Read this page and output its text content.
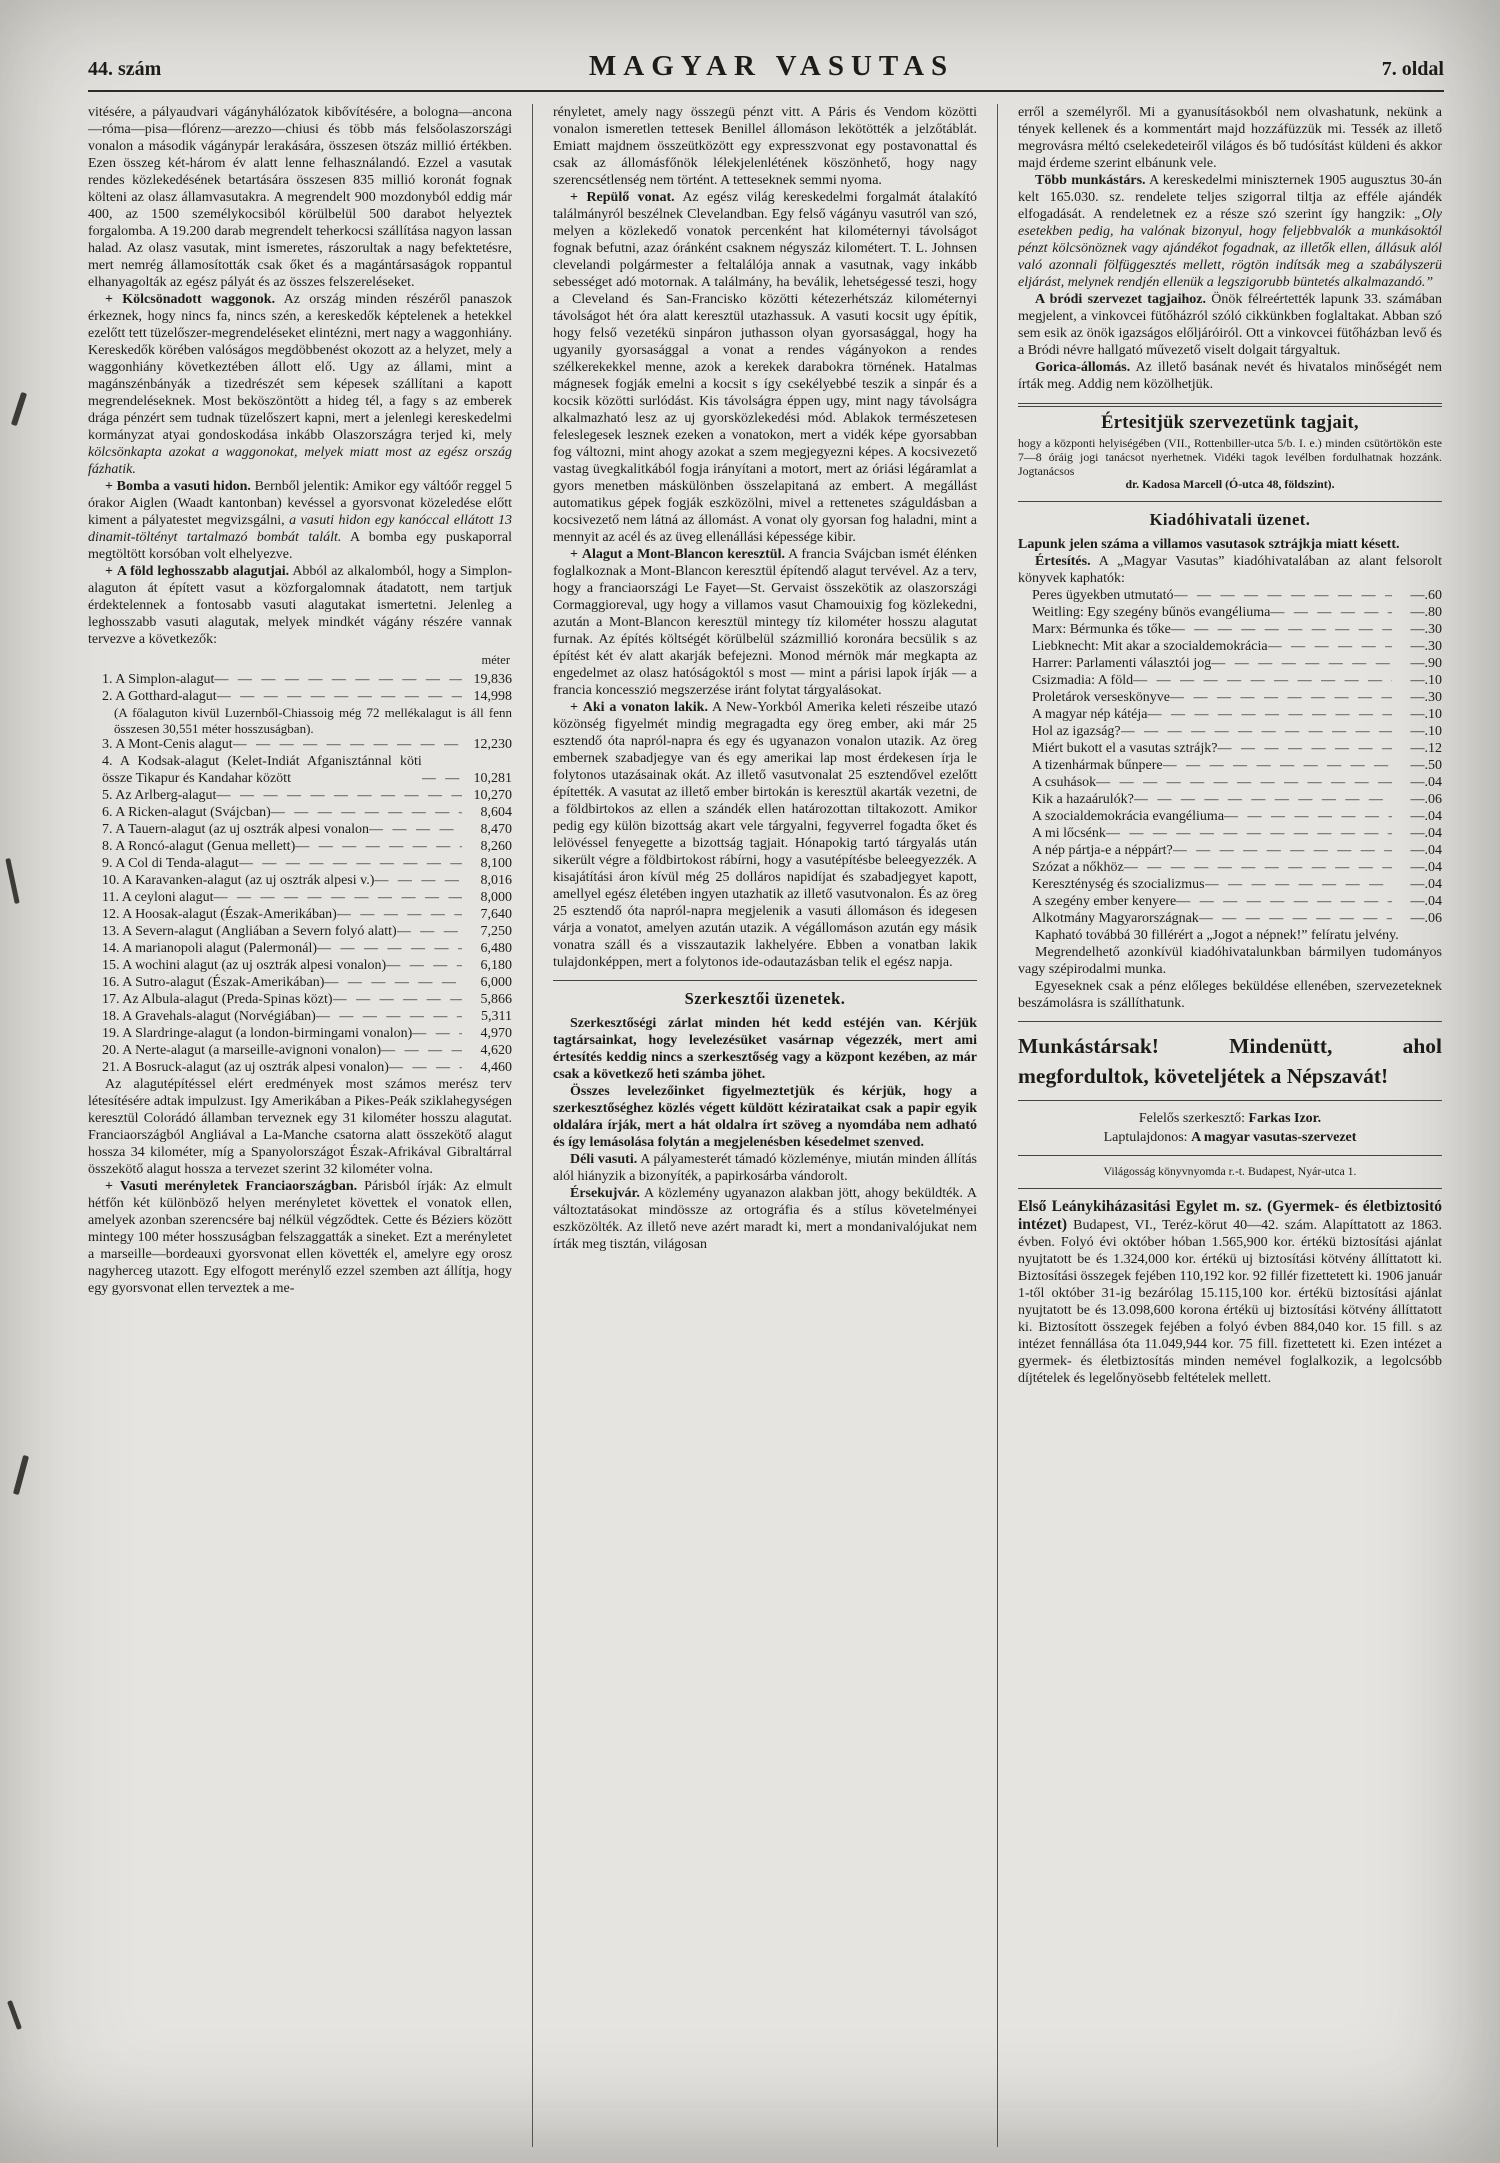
44. szám	MAGYAR VASUTAS	7. oldal

vitésére, a pályaudvari vágányhálózatok kibővítésére, a bologna—ancona—róma—pisa—flórenz—arezzo—chiusi és több más felsőolaszországi vonalon a második vágánypár lerakására, összesen ötszáz millió értékben. Ezen összeg két-három év alatt lenne felhasználandó. Ezzel a vasutak rendes közlekedésének betartására összesen 835 millió koronát fognak költeni az olasz államvasutakra. A megrendelt 900 mozdonyból eddig már 400, az 1500 személykocsiból körülbelül 500 darabot helyeztek forgalomba. A 19.200 darab megrendelt teherkocsi szállítása nagyon lassan halad. Az olasz vasutak, mint ismeretes, rászorultak a nagy befektetésre, mert nemrég államosították csak őket és a magántársaságok roppantul elhanyagolták az egész pályát és az összes felszereléseket.

+ Kölcsönadott waggonok. Az ország minden részéről panaszok érkeznek, hogy nincs fa, nincs szén, a kereskedők képtelenek a hetekkel ezelőtt tett tüzelőszer-megrendeléseket elintézni, mert nagy a waggonhiány. Kereskedők körében valóságos megdöbbenést okozott az a helyzet, mely a waggonhiány következtében állott elő. Ugy az állami, mint a magánszénbányák a tizedrészét sem képesek szállítani a kapott megrendeléseknek. Most beköszöntött a hideg tél, a fagy s az emberek drága pénzért sem tudnak tüzelőszert kapni, mert a jelenlegi kereskedelmi kormányzat atyai gondoskodása inkább Olaszországra terjed ki, mely kölcsönkapta azokat a waggonokat, melyek miatt most az egész ország fázhatik.

+ Bomba a vasuti hidon. Bernből jelentik: Amikor egy váltóőr reggel 5 órakor Aiglen (Waadt kantonban) kevéssel a gyorsvonat közeledése előtt kiment a pályatestet megvizsgálni, a vasuti hidon egy kanóccal ellátott 13 dinamit-töltényt tartalmazó bombát talált. A bomba egy puskaporral megtöltött korsóban volt elhelyezve.

+ A föld leghosszabb alagutjai. Abból az alkalomból, hogy a Simplon-alaguton át épített vasut a közforgalomnak átadatott, nem tartjuk érdektelennek a fontosabb vasuti alagutakat ismertetni. Jelenleg a leghosszabb vasuti alagutak, melyek mindkét vágány részére vannak tervezve a következők:

méter
1. A Simplon-alagut — — —	19,836
2. A Gotthard-alagut — — —	14,998

(A főalaguton kivül Luzernből-Chiassoig még 72 mellékalagut is áll fenn összesen 30,551 méter hosszuságban).

3. A Mont-Cenis alagut — — —	12,230
4. A Kodsak-alagut (Kelet-Indiát Afganisztánnal köti össze Tikapur és Kandahar között — — —	10,281
5. Az Arlberg-alagut — — —	10,270
6. A Ricken-alagut (Svájcban) — — —	8,604
7. A Tauern-alagut (az uj osztrák alpesi vonalon — — —	8,470
8. A Roncó-alagut (Genua mellett) — — —	8,260
9. A Col di Tenda-alagut — — —	8,100
10. A Karavanken-alagut (az uj osztrák alpesi v.) — — —	8,016
11. A ceyloni alagut — — —	8,000
12. A Hoosak-alagut (Észak-Amerikában) — — —	7,640
13. A Severn-alagut (Angliában a Severn folyó alatt) — — —	7,250
14. A marianopoli alagut (Palermonál) — — —	6,480
15. A wochini alagut (az uj osztrák alpesi vonalon) — — —	6,180
16. A Sutro-alagut (Észak-Amerikában) — — —	6,000
17. Az Albula-alagut (Preda-Spinas közt) — — —	5,866
18. A Gravehals-alagut (Norvégiában) — — —	5,311
19. A Slardringe-alagut (a london-birmingami vonalon) — — —	4,970
20. A Nerte-alagut (a marseille-avignoni vonalon) — — —	4,620
21. A Bosruck-alagut (az uj osztrák alpesi vonalon) — — —	4,460

Az alagutépítéssel elért eredmények most számos merész terv létesítésére adtak impulzust. Igy Amerikában a Pikes-Peák sziklahegységen keresztül Colorádó államban terveznek egy 31 kilométer hosszu alagutat. Franciaországból Angliával a La-Manche csatorna alatt összekötő alagut hossza 34 kilométer, míg a Spanyolországot Észak-Afrikával Gibraltárral összekötő alagut hossza a tervezet szerint 32 kilométer volna.

+ Vasuti merényletek Franciaországban. Párisból írják: Az elmult hétfőn két különböző helyen merényletet követtek el vonatok ellen, amelyek azonban szerencsére baj nélkül végződtek. Cette és Béziers között mintegy 100 méter hosszuságban felszaggatták a sineket. Ezt a merényletet a marseille—bordeauxi gyorsvonat ellen követték el, amelyre egy orosz nagyherceg utazott. Egy elfogott merénylő ezzel szemben azt állítja, hogy egy gyorsvonat ellen terveztek a me-

rényletet, amely nagy összegü pénzt vitt. A Páris és Vendom közötti vonalon ismeretlen tettesek Benillel állomáson lekötötték a jelzőtáblát. Emiatt majdnem összeütközött egy expresszvonat egy postavonattal és csak az állomásfőnök lélekjelenlétének köszönhető, hogy nagy szerencsétlenség nem történt. A tetteseknek semmi nyoma.

+ Repülő vonat. Az egész világ kereskedelmi forgalmát átalakító találmányról beszélnek Clevelandban. Egy felső vágányu vasutról van szó, melyen a közlekedő vonatok percenként hat kilométernyi távolságot fognak befutni, azaz óránként csaknem négyszáz kilométert. T. L. Johnsen clevelandi polgármester a feltalálója annak a vasutnak, vagy inkább sebességet adó motornak. A találmány, ha beválik, lehetségessé teszi, hogy a Cleveland és San-Francisko közötti kétezerhétszáz kilométernyi távolságot hét óra alatt keresztül utazhassuk. A vasuti kocsit ugy építik, hogy felső vezetékü sinpáron juthasson olyan gyorsasággal, hogy ha ugyanily gyorsasággal a vonat a rendes vágányokon a rendes szélkerekekkel menne, azok a kerekek darabokra törnének. Hatalmas mágnesek fogják emelni a kocsit s így csekélyebbé teszik a sinpár és a kocsik közötti surlódást. Kis távolságra éppen ugy, mint nagy távolságra alkalmazható lesz az uj gyorsközlekedési mód. Ablakok természetesen feleslegesek lesznek ezeken a vonatokon, mert a vidék képe gyorsabban fog változni, mint ahogy azokat a szem megjegyezni képes. A kocsivezető vastag üvegkalitkából fogja irányítani a motort, mert az óriási légáramlat a gyors menetben máskülönben összelapitaná az embert. A megállást automatikus gépek fogják eszközölni, mivel a rettenetes száguldásban a kocsivezető nem látná az állomást. A vonat oly gyorsan fog haladni, mint a mennyit az acél és az üveg ellenállási képessége kibir.

+ Alagut a Mont-Blancon keresztül. A francia Svájcban ismét élénken foglalkoznak a Mont-Blancon keresztül építendő alagut tervével. Az a terv, hogy a franciaországi Le Fayet—St. Gervaist összekötik az olaszországi Cormaggioreval, ugy hogy a villamos vasut Chamouixig fog közlekedni, azután a Mont-Blancon keresztül mintegy tíz kilométer hosszu alagutat furnak. Az építés költségét körülbelül százmillió koronára becsülik s az építést két év alatt akarják befejezni. Monod mérnök már megkapta az engedelmet az olasz hatóságoktól s most — mint a párisi lapok írják — a francia koncesszió megszerzése iránt folytat tárgyalásokat.

+ Aki a vonaton lakik. A New-Yorkból Amerika keleti részeibe utazó közönség figyelmét mindig megragadta egy öreg ember, aki már 25 esztendő óta napról-napra és egy és ugyanazon vonalon utazik. Az öreg embernek szabadjegye van és egy amerikai lap most érdekesen írja le folytonos utazásainak okát. Az illető vasutvonalat 25 esztendővel ezelőtt építették. A vasutat az illető ember birtokán is keresztül akarták vezetni, de a földbirtokos az ellen a szándék ellen határozottan tiltakozott. Amikor pedig egy külön bizottság akart vele tárgyalni, fegyverrel fogadta őket és lelövéssel fenyegette a bizottság tagjait. Hónapokig tartó tárgyalás után sikerült végre a földbirtokost rábírni, hogy a vasutépítésbe beleegyezzék. A kisajátítási áron kívül még 25 dolláros napidíjat és szabadjegyet kapott, amellyel egész életében ingyen utazhatik az illető vasutvonalon. És az öreg 25 esztendő óta napról-napra megjelenik a vasuti állomáson és idegesen várja a vonatot, amelyen azután utazik. A végállomáson azután egy másik vonatra száll és a visszautazik lakhelyére. Ebben a vonatban lakik tulajdonképpen, mert a folytonos ide-odautazásban telik el egész napja.

Szerkesztői üzenetek.

Szerkesztőségi zárlat minden hét kedd estéjén van. Kérjük tagtársainkat, hogy levelezésüket vasárnap végezzék, mert ami értesítés keddig nincs a szerkesztőség vagy a központ kezében, az már csak a következő heti számba jöhet.

Összes levelezőinket figyelmeztetjük és kérjük, hogy a szerkesztőséghez közlés végett küldött kézirataikat csak a papir egyik oldalára írják, mert a hát oldalra írt szöveg a nyomdába nem adható és így lemásolása folytán a megjelenésben késedelmet szenved.

Déli vasuti. A pályamesterét támadó közleménye, miután minden állítás alól hiányzik a bizonyíték, a papirkosárba vándorolt.

Érsekujvár. A közlemény ugyanazon alakban jött, ahogy beküldték. A változtatásokat mindössze az ortográfia és a stílus követelményei eszközölték. Az illető neve azért maradt ki, mert a mondanivalójukat nem írták meg tisztán, világosan

erről a személyről. Mi a gyanusításokból nem olvashatunk, nekünk a tények kellenek és a kommentárt majd hozzáfüzzük mi. Tessék az illető megrovásra méltó cselekedeteiről világos és bő tudósítást küldeni és akkor majd érdeme szerint elbánunk vele.

Több munkástárs. A kereskedelmi miniszternek 1905 augusztus 30-án kelt 165.030. sz. rendelete teljes szigorral tiltja az efféle ajándék elfogadását. A rendeletnek ez a része szó szerint így hangzik: „Oly esetekben pedig, ha valónak bizonyul, hogy feljebbvalók a munkásoktól pénzt kölcsönöznek vagy ajándékot fogadnak, az illetők ellen, állásuk alól való azonnali fölfüggesztés mellett, rögtön indítsák meg a szabályszerü eljárást, melynek rendjén ellenük a legszigorubb büntetés alkalmazandó.”

A bródi szervezet tagjaihoz. Önök félreértették lapunk 33. számában megjelent, a vinkovcei fütőházról szóló cikkünkben foglaltakat. Abban szó sem esik az önök igazságos előljáróiról. Ott a vinkovcei fütőházban levő és a Bródi névre hallgató művezető viselt dolgait tárgyaltuk.

Gorica-állomás. Az illető basának nevét és hivatalos minőségét nem írták meg. Addig nem közölhetjük.

Értesitjük szervezetünk tagjait,

hogy a központi helyiségében (VII., Rottenbiller-utca 5/b. I. e.) minden csütörtökön este 7—8 óráig jogi tanácsot nyerhetnek. Vidéki tagok levélben fordulhatnak hozzánk. Jogtanácsos

dr. Kadosa Marcell (Ó-utca 48, földszint).

Kiadóhivatali üzenet.

Lapunk jelen száma a villamos vasutasok sztrájkja miatt késett.

Értesítés. A „Magyar Vasutas” kiadóhivatalában az alant felsorolt könyvek kaphatók:

Peres ügyekben utmutató — — —	—.60
Weitling: Egy szegény bűnös evangéliuma — — —	—.80
Marx: Bérmunka és tőke — — —	—.30
Liebknecht: Mit akar a szocialdemokrácia — — —	—.30
Harrer: Parlamenti választói jog — — —	—.90
Csizmadia: A föld — — —	—.10
Proletárok verseskönyve — — —	—.30
A magyar nép kátéja — — —	—.10
Hol az igazság? — — —	—.10
Miért bukott el a vasutas sztrájk? — — —	—.12
A tizenhármak bűnpere — — —	—.50
A csuhások — — —	—.04
Kik a hazaárulók? — — —	—.06
A szocialdemokrácia evangéliuma — — —	—.04
A mi lőcsénk — — —	—.04
A nép pártja-e a néppárt? — — —	—.04
Szózat a nőkhöz — — —	—.04
Kereszténység és szocializmus — — —	—.04
A szegény ember kenyere — — —	—.04
Alkotmány Magyarországnak — — —	—.06

Kapható továbbá 30 fillérért a „Jogot a népnek!” felíratu jelvény.

Megrendelhető azonkívül kiadóhivatalunkban bármilyen tudományos vagy szépirodalmi munka.

Egyeseknek csak a pénz előleges beküldése ellenében, szervezeteknek beszámolásra is szállíthatunk.

Munkástársak! Mindenütt, ahol megfordultok, követeljétek a Népszavát!

Felelős szerkesztő: Farkas Izor.

Laptulajdonos: A magyar vasutas-szervezet

Világosság könyvnyomda r.-t. Budapest, Nyár-utca 1.

Első Leánykiházasitási Egylet m. sz. (Gyermek- és életbiztositó intézet) Budapest, VI., Teréz-körut 40—42. szám. Alapíttatott az 1863. évben. Folyó évi október hóban 1.565,900 kor. értékü biztosítási ajánlat nyujtatott be és 1.324,000 kor. értékü uj biztosítási kötvény állíttatott ki. Biztosítási összegek fejében 110,192 kor. 92 fillér fizettetett ki. 1906 január 1-től október 31-ig bezárólag 15.115,100 kor. értékü biztosítási ajánlat nyujtatott be és 13.098,600 korona értékü uj biztosítási kötvény állíttatott ki. Biztosított összegek fejében a folyó évben 884,040 kor. 15 fill. s az intézet fennállása óta 11.049,944 kor. 75 fill. fizettetett ki. Ezen intézet a gyermek- és életbiztosítás minden nemével foglalkozik, a legolcsóbb díjtételek és legelőnyösebb feltételek mellett.
